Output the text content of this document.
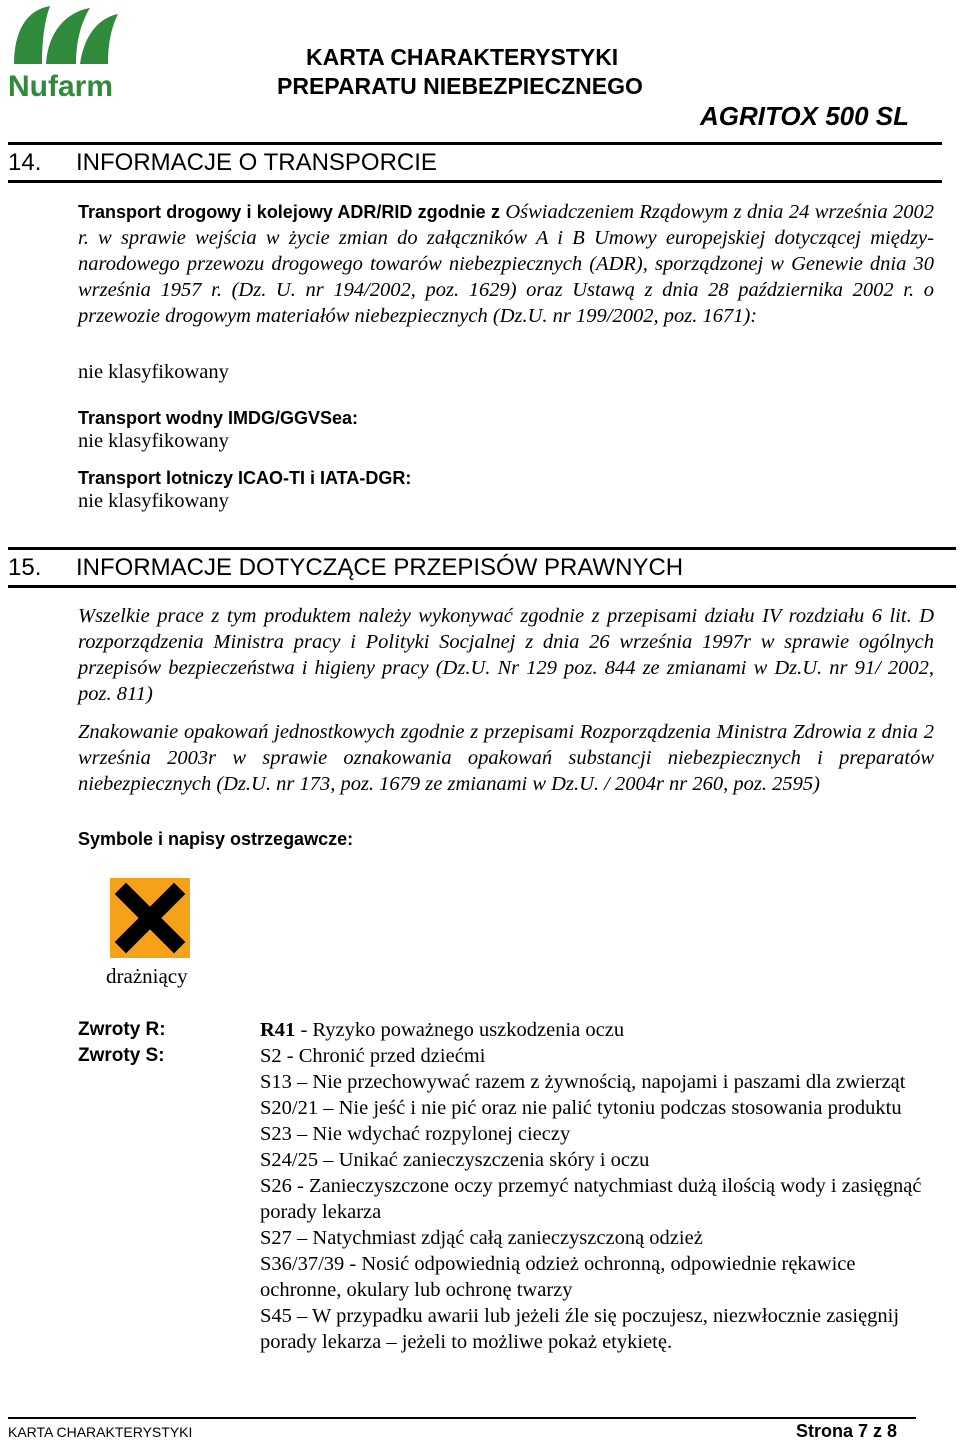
Nufarm
KARTA CHARAKTERYSTYKI
PREPARATU NIEBEZPIECZNEGO
AGRITOX 500 SL
14. INFORMACJE O TRANSPORCIE
Transport drogowy i kolejowy ADR/RID zgodnie z Oświadczeniem Rządowym z dnia 24 września 2002 r. w sprawie wejścia w życie zmian do załączników A i B Umowy europejskiej dotyczącej między-narodowego przewozu drogowego towarów niebezpiecznych (ADR), sporządzonej w Genewie dnia 30 września 1957 r. (Dz. U. nr 194/2002, poz. 1629) oraz Ustawą z dnia 28 października 2002 r. o przewozie drogowym materiałów niebezpiecznych (Dz.U. nr 199/2002, poz. 1671):
nie klasyfikowany
Transport wodny IMDG/GGVSea:
nie klasyfikowany
Transport lotniczy ICAO-TI i IATA-DGR:
nie klasyfikowany
15. INFORMACJE DOTYCZĄCE PRZEPISÓW PRAWNYCH
Wszelkie prace z tym produktem należy wykonywać zgodnie z przepisami działu IV rozdziału 6 lit. D rozporządzenia Ministra pracy i Polityki Socjalnej z dnia 26 września 1997r w sprawie ogólnych przepisów bezpieczeństwa i higieny pracy (Dz.U. Nr 129 poz. 844 ze zmianami w Dz.U. nr 91/ 2002, poz. 811)
Znakowanie opakowań jednostkowych zgodnie z przepisami Rozporządzenia Ministra Zdrowia z dnia 2 września 2003r w sprawie oznakowania opakowań substancji niebezpiecznych i preparatów niebezpiecznych (Dz.U. nr 173, poz. 1679 ze zmianami w Dz.U. / 2004r nr 260, poz. 2595)
Symbole i napisy ostrzegawcze:
drażniący
Zwroty R:
Zwroty S:
R41 - Ryzyko poważnego uszkodzenia oczu
S2 - Chronić przed dziećmi
S13 – Nie przechowywać razem z żywnością, napojami i paszami dla zwierząt
S20/21 – Nie jeść i nie pić oraz nie palić tytoniu podczas stosowania produktu
S23 – Nie wdychać rozpylonej cieczy
S24/25 – Unikać zanieczyszczenia skóry i oczu
S26 - Zanieczyszczone oczy przemyć natychmiast dużą ilością wody i zasięgnąć porady lekarza
S27 – Natychmiast zdjąć całą zanieczyszczoną odzież
S36/37/39 - Nosić odpowiednią odzież ochronną, odpowiednie rękawice ochronne, okulary lub ochronę twarzy
S45 – W przypadku awarii lub jeżeli źle się poczujesz, niezwłocznie zasięgnij porady lekarza – jeżeli to możliwe pokaż etykietę.
KARTA CHARAKTERYSTYKI	Strona 7 z 8
